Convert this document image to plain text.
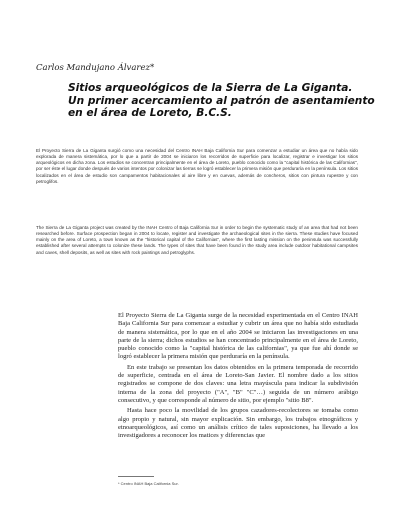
Carlos Mandujano Álvarez*
Sitios arqueológicos de la Sierra de La Giganta.
Un primer acercamiento al patrón de asentamiento
en el área de Loreto, B.C.S.
El Proyecto Sierra de La Giganta surgió como una necesidad del Centro INAH Baja California Sur para comenzar a estudiar un área que no había sido explorada de manera sistemática, por lo que a partir de 2004 se iniciaron los recorridos de superficie para localizar, registrar e investigar los sitios arqueológicos en dicha zona. Los estudios se concentran principalmente en el área de Loreto, pueblo conocido como la "capital histórica de las Californias", por ser éste el lugar donde después de varios intentos por colonizar las tierras se logró establecer la primera misión que perduraría en la península. Los sitios localizados en el área de estudio son campamentos habitacionales al aire libre y en cuevas, además de concheros, sitios con pintura rupestre y con petroglifos.
The Sierra de La Giganta project was created by the INAH Centro of Baja California Sur in order to begin the systematic study of an area that had not been researched before. Surface prospection began in 2004 to locate, register and investigate the archaeological sites in the sierra. These studies have focused mainly on the area of Loreto, a town known as the "historical capital of the Californias", where the first lasting mission on the peninsula was successfully established after several attempts to colonize these lands. The types of sites that have been found in the study area include outdoor habitational campsites and caves, shell deposits, as well as sites with rock paintings and petroglyphs.

El Proyecto Sierra de La Giganta surge de la necesidad experimentada en el Centro INAH Baja California Sur para comenzar a estudiar y cubrir un área que no había sido estudiada de manera sistemática, por lo que en el año 2004 se iniciaron las investigaciones en una parte de la sierra; dichos estudios se han concentrado principalmente en el área de Loreto, pueblo conocido como la "capital histórica de las californias", ya que fue ahí donde se logró establecer la primera misión que perduraría en la península.

En este trabajo se presentan los datos obtenidos en la primera temporada de recorrido de superficie, centrada en el área de Loreto-San Javier. El nombre dado a los sitios registrados se compone de dos claves: una letra mayúscula para indicar la subdivisión interna de la zona del proyecto ("A", "B" "C"…) seguida de un número arábigo consecutivo, y que corresponde al número de sitio, por ejemplo "sitio B8".

Hasta hace poco la movilidad de los grupos cazadores-recolectores se tomaba como algo propio y natural, sin mayor explicación. Sin embargo, los trabajos etnográficos y etnoarqueológicos, así como un análisis crítico de tales suposiciones, ha llevado a los investigadores a reconocer los matices y diferencias que

* Centro INAH Baja California Sur.
